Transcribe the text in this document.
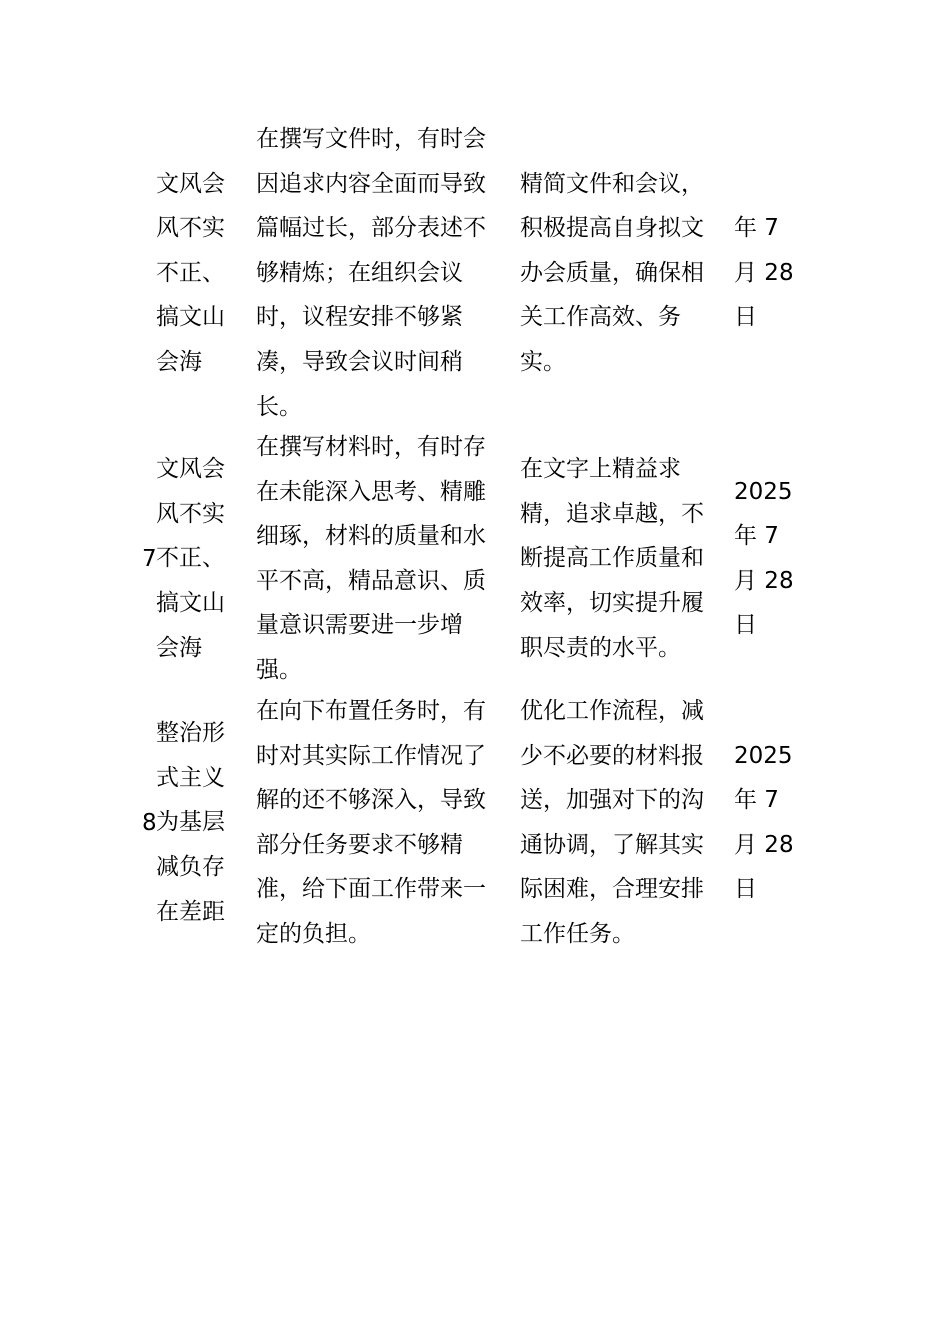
文风会
风不实
不正、
搞文山
会海
在撰写文件时，有时会
因追求内容全面而导致
篇幅过长，部分表述不
够精炼；在组织会议
时，议程安排不够紧
凑，导致会议时间稍
长。
精简文件和会议，
积极提高自身拟文
办会质量，确保相
关工作高效、务
实。
年 7
月 28
日
7
文风会
风不实
不正、
搞文山
会海
在撰写材料时，有时存
在未能深入思考、精雕
细琢，材料的质量和水
平不高，精品意识、质
量意识需要进一步增
强。
在文字上精益求
精，追求卓越，不
断提高工作质量和
效率，切实提升履
职尽责的水平。
2025
年 7
月 28
日
8
整治形
式主义
为基层
减负存
在差距
在向下布置任务时，有
时对其实际工作情况了
解的还不够深入，导致
部分任务要求不够精
准，给下面工作带来一
定的负担。
优化工作流程，减
少不必要的材料报
送，加强对下的沟
通协调，了解其实
际困难，合理安排
工作任务。
2025
年 7
月 28
日
